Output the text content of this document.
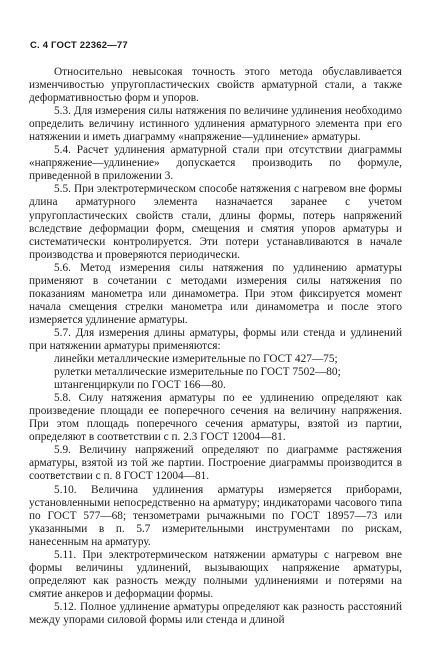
С. 4 ГОСТ 22362—77

Относительно невысокая точность этого метода обуславливается изменчивостью упругопластических свойств арматурной стали, а также деформативностью форм и упоров.

5.3. Для измерения силы натяжения по величине удлинения необходимо определить величину истинного удлинения арматурного элемента при его натяжении и иметь диаграмму «напряжение—удлинение» арматуры.

5.4. Расчет удлинения арматурной стали при отсутствии диаграммы «напряжение—удлинение» допускается производить по формуле, приведенной в приложении 3.

5.5. При электротермическом способе натяжения с нагревом вне формы длина арматурного элемента назначается заранее с учетом упругопластических свойств стали, длины формы, потерь напряжений вследствие деформации форм, смещения и смятия упоров арматуры и систематически контролируется. Эти потери устанавливаются в начале производства и проверяются периодически.

5.6. Метод измерения силы натяжения по удлинению арматуры применяют в сочетании с методами измерения силы натяжения по показаниям манометра или динамометра. При этом фиксируется момент начала смещения стрелки манометра или динамометра и после этого измеряется удлинение арматуры.

5.7. Для измерения длины арматуры, формы или стенда и удлинений при натяжении арматуры применяются:

линейки металлические измерительные по ГОСТ 427—75;

рулетки металлические измерительные по ГОСТ 7502—80;

штангенциркули по ГОСТ 166—80.

5.8. Силу натяжения арматуры по ее удлинению определяют как произведение площади ее поперечного сечения на величину напряжения. При этом площадь поперечного сечения арматуры, взятой из партии, определяют в соответствии с п. 2.3 ГОСТ 12004—81.

5.9. Величину напряжений определяют по диаграмме растяжения арматуры, взятой из той же партии. Построение диаграммы производится в соответствии с п. 8 ГОСТ 12004—81.

5.10. Величина удлинения арматуры измеряется приборами, установленными непосредственно на арматуру; индикаторами часового типа по ГОСТ 577—68; тензометрами рычажными по ГОСТ 18957—73 или указанными в п. 5.7 измерительными инструментами по рискам, нанесенным на арматуру.

5.11. При электротермическом натяжении арматуры с нагревом вне формы величины удлинений, вызывающих напряжение арматуры, определяют как разность между полными удлинениями и потерями на смятие анкеров и деформации формы.

5.12. Полное удлинение арматуры определяют как разность расстояний между упорами силовой формы или стенда и длиной
